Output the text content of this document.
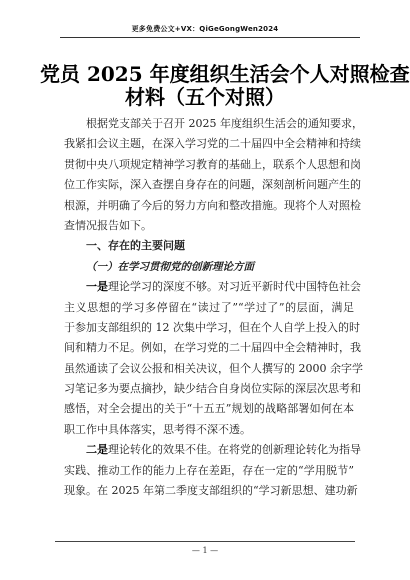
更多免费公文+VX：QiGeGongWen2024
党员 2025 年度组织生活会个人对照检查
材料（五个对照）
根据党支部关于召开 2025 年度组织生活会的通知要求，
我紧扣会议主题，在深入学习党的二十届四中全会精神和持续
贯彻中央八项规定精神学习教育的基础上，联系个人思想和岗
位工作实际，深入查摆自身存在的问题，深刻剖析问题产生的
根源，并明确了今后的努力方向和整改措施。现将个人对照检
查情况报告如下。
一、存在的主要问题
（一）在学习贯彻党的创新理论方面
一是理论学习的深度不够。对习近平新时代中国特色社会
主义思想的学习多停留在“读过了”“学过了”的层面，满足
于参加支部组织的 12 次集中学习，但在个人自学上投入的时
间和精力不足。例如，在学习党的二十届四中全会精神时，我
虽然通读了会议公报和相关决议，但个人撰写的 2000 余字学
习笔记多为要点摘抄，缺少结合自身岗位实际的深层次思考和
感悟，对全会提出的关于“十五五”规划的战略部署如何在本
职工作中具体落实，思考得不深不透。
二是理论转化的效果不佳。在将党的创新理论转化为指导
实践、推动工作的能力上存在差距，存在一定的“学用脱节”
现象。在 2025 年第二季度支部组织的“学习新思想、建功新
— 1 —
